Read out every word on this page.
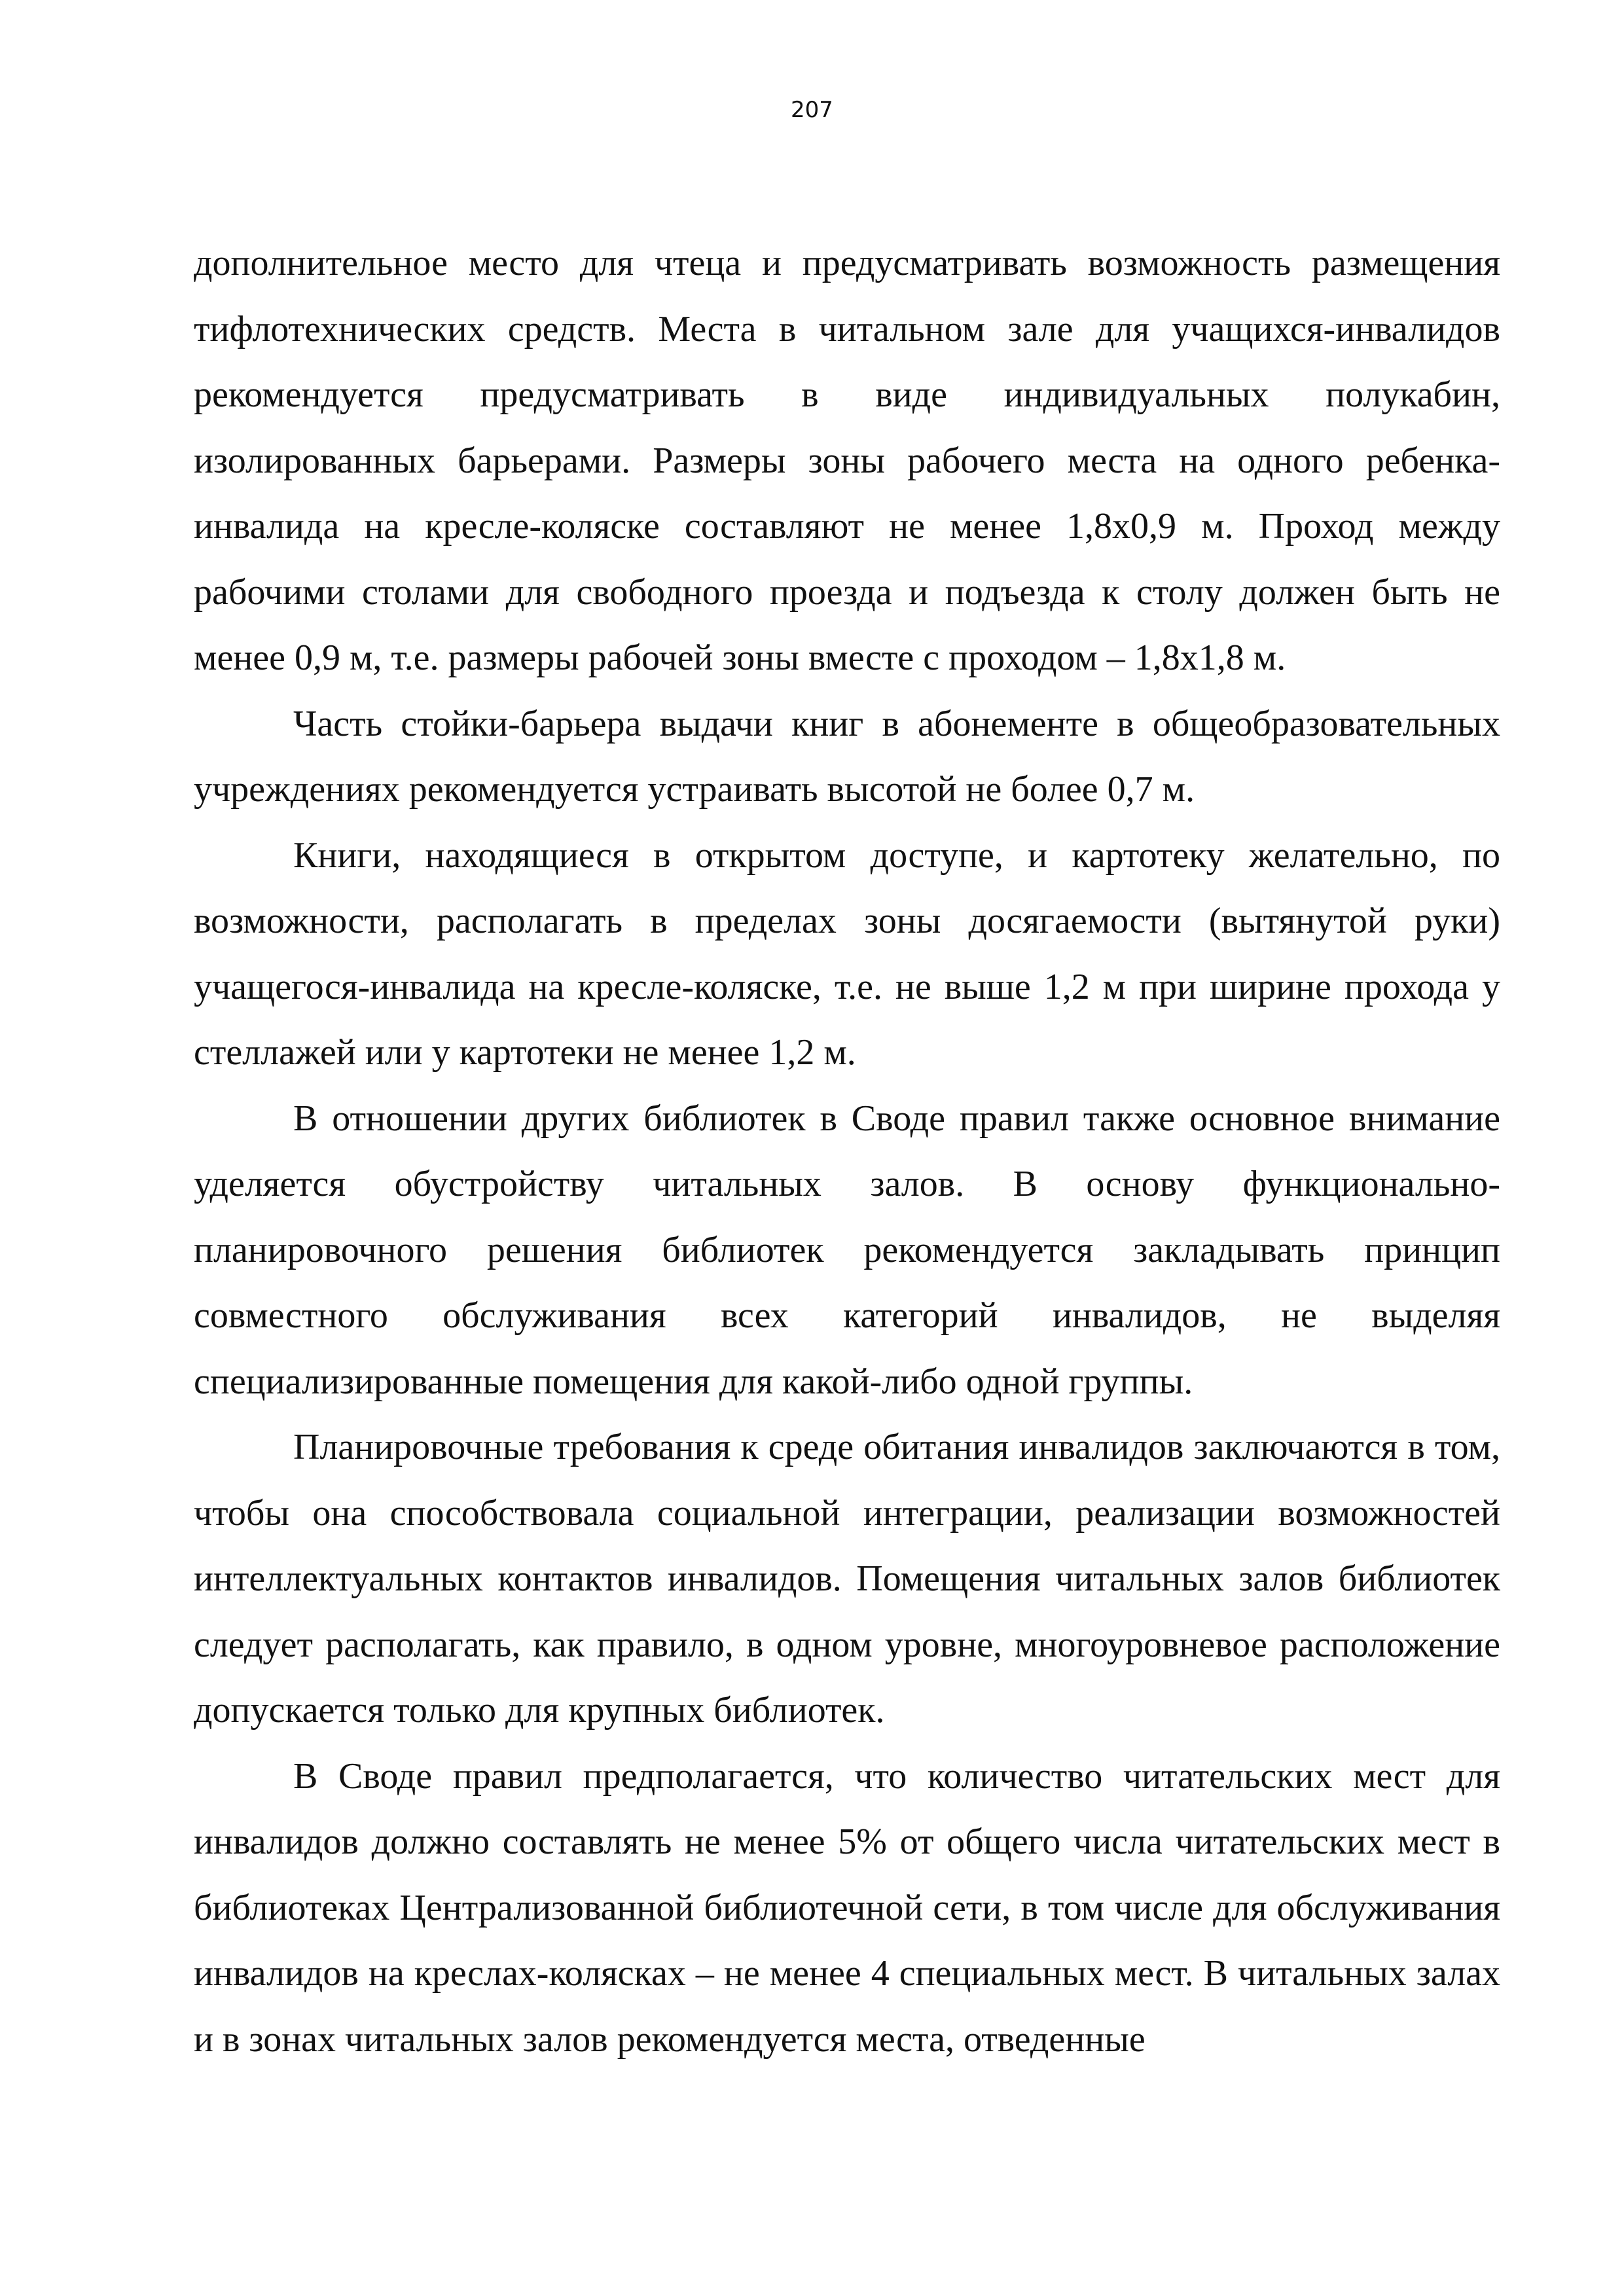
207

дополнительное место для чтеца и предусматривать возможность размещения тифлотехнических средств. Места в читальном зале для учащихся-инвалидов рекомендуется предусматривать в виде индивидуальных полукабин, изолированных барьерами. Размеры зоны рабочего места на одного ребенка-инвалида на кресле-коляске составляют не менее 1,8х0,9 м. Проход между рабочими столами для свободного проезда и подъезда к столу должен быть не менее 0,9 м, т.е. размеры рабочей зоны вместе с проходом – 1,8х1,8 м.

Часть стойки-барьера выдачи книг в абонементе в общеобразовательных учреждениях рекомендуется устраивать высотой не более 0,7 м.

Книги, находящиеся в открытом доступе, и картотеку желательно, по возможности, располагать в пределах зоны досягаемости (вытянутой руки) учащегося-инвалида на кресле-коляске, т.е. не выше 1,2 м при ширине прохода у стеллажей или у картотеки не менее 1,2 м.

В отношении других библиотек в Своде правил также основное внимание уделяется обустройству читальных залов. В основу функционально-планировочного решения библиотек рекомендуется закладывать принцип совместного обслуживания всех категорий инвалидов, не выделяя специализированные помещения для какой-либо одной группы.

Планировочные требования к среде обитания инвалидов заключаются в том, чтобы она способствовала социальной интеграции, реализации возможностей интеллектуальных контактов инвалидов. Помещения читальных залов библиотек следует располагать, как правило, в одном уровне, многоуровневое расположение допускается только для крупных библиотек.

В Своде правил предполагается, что количество читательских мест для инвалидов должно составлять не менее 5% от общего числа читательских мест в библиотеках Централизованной библиотечной сети, в том числе для обслуживания инвалидов на креслах-колясках – не менее 4 специальных мест. В читальных залах и в зонах читальных залов рекомендуется места, отведенные
